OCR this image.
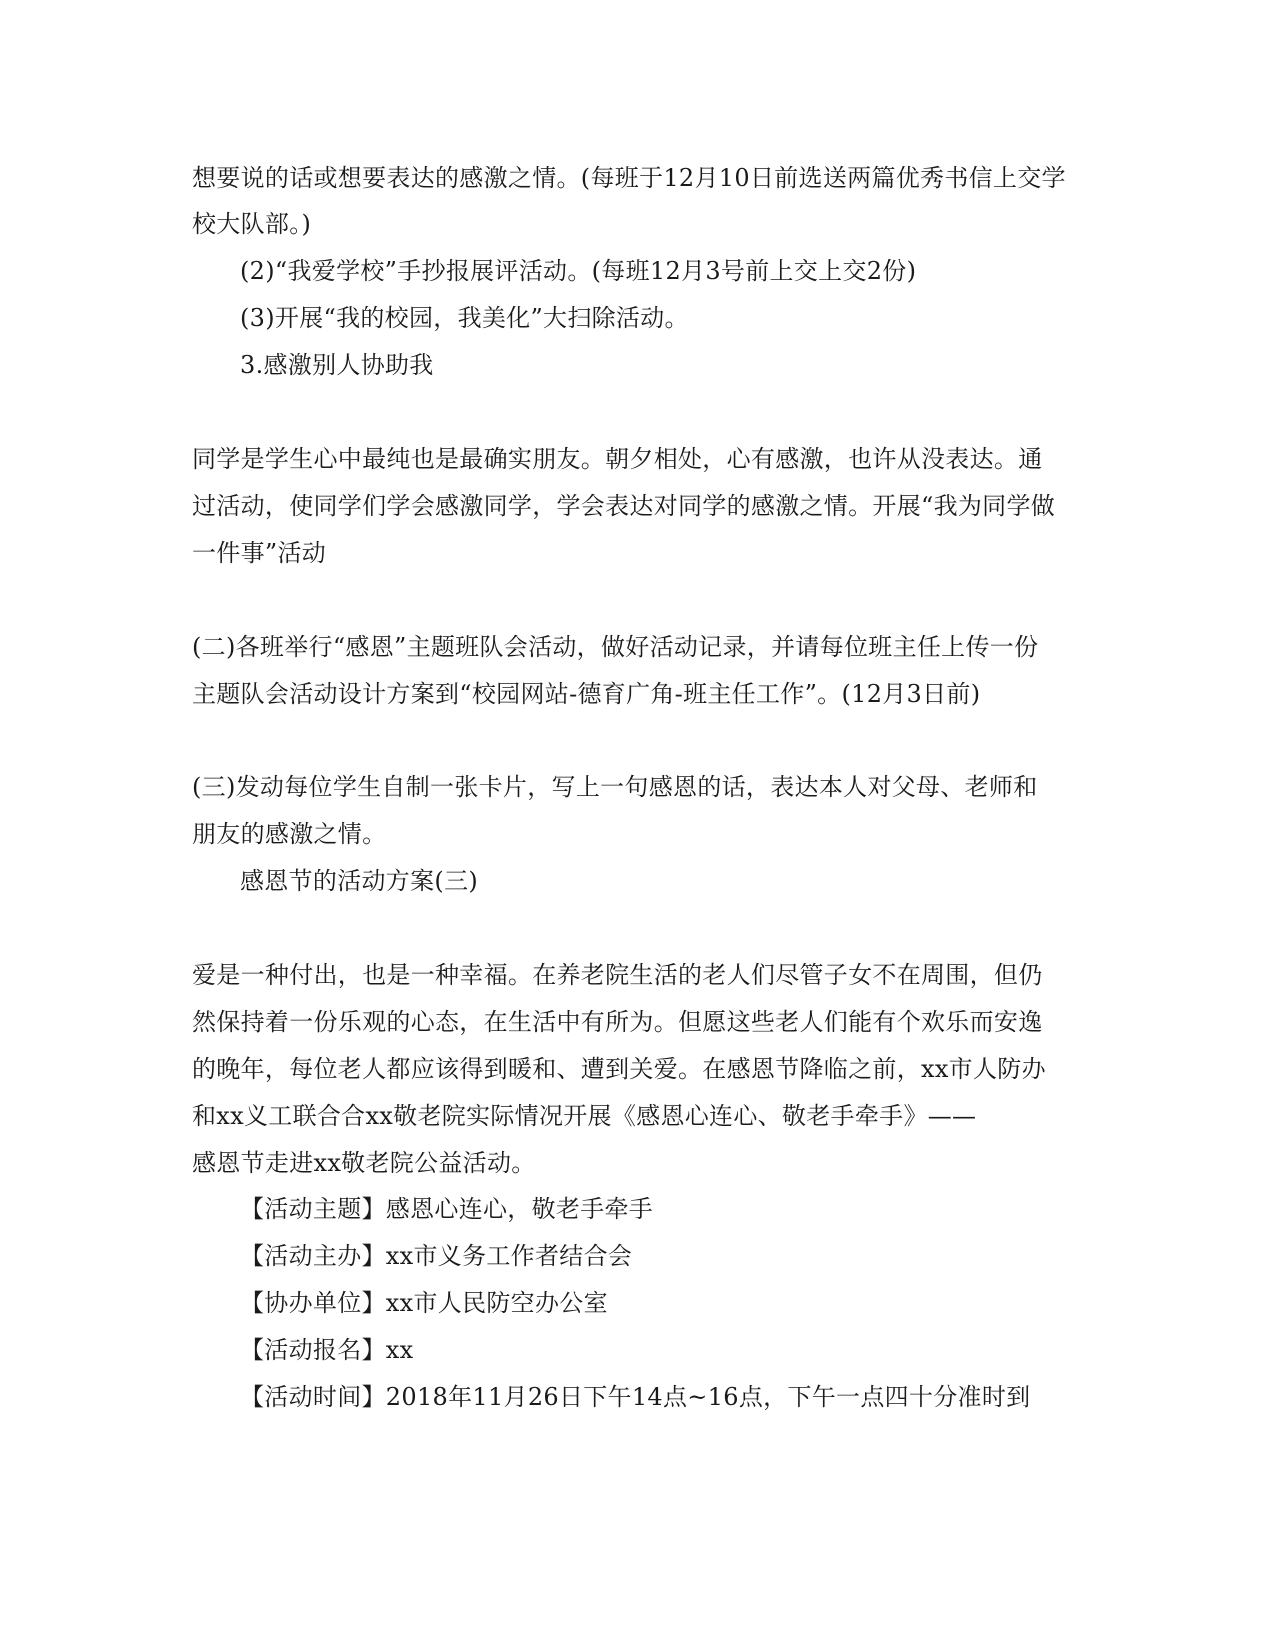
想要说的话或想要表达的感激之情。(每班于12月10日前选送两篇优秀书信上交学
校大队部。)
(2)“我爱学校”手抄报展评活动。(每班12月3号前上交上交2份)
(3)开展“我的校园，我美化”大扫除活动。
3.感激别人协助我
同学是学生心中最纯也是最确实朋友。朝夕相处，心有感激，也许从没表达。通
过活动，使同学们学会感激同学，学会表达对同学的感激之情。开展“我为同学做
一件事”活动
(二)各班举行“感恩”主题班队会活动，做好活动记录，并请每位班主任上传一份
主题队会活动设计方案到“校园网站-德育广角-班主任工作”。(12月3日前)
(三)发动每位学生自制一张卡片，写上一句感恩的话，表达本人对父母、老师和
朋友的感激之情。
感恩节的活动方案(三)
爱是一种付出，也是一种幸福。在养老院生活的老人们尽管子女不在周围，但仍
然保持着一份乐观的心态，在生活中有所为。但愿这些老人们能有个欢乐而安逸
的晚年，每位老人都应该得到暖和、遭到关爱。在感恩节降临之前，xx市人防办
和xx义工联合合xx敬老院实际情况开展《感恩心连心、敬老手牵手》——
感恩节走进xx敬老院公益活动。
【活动主题】感恩心连心，敬老手牵手
【活动主办】xx市义务工作者结合会
【协办单位】xx市人民防空办公室
【活动报名】xx
【活动时间】2018年11月26日下午14点~16点，下午一点四十分准时到
